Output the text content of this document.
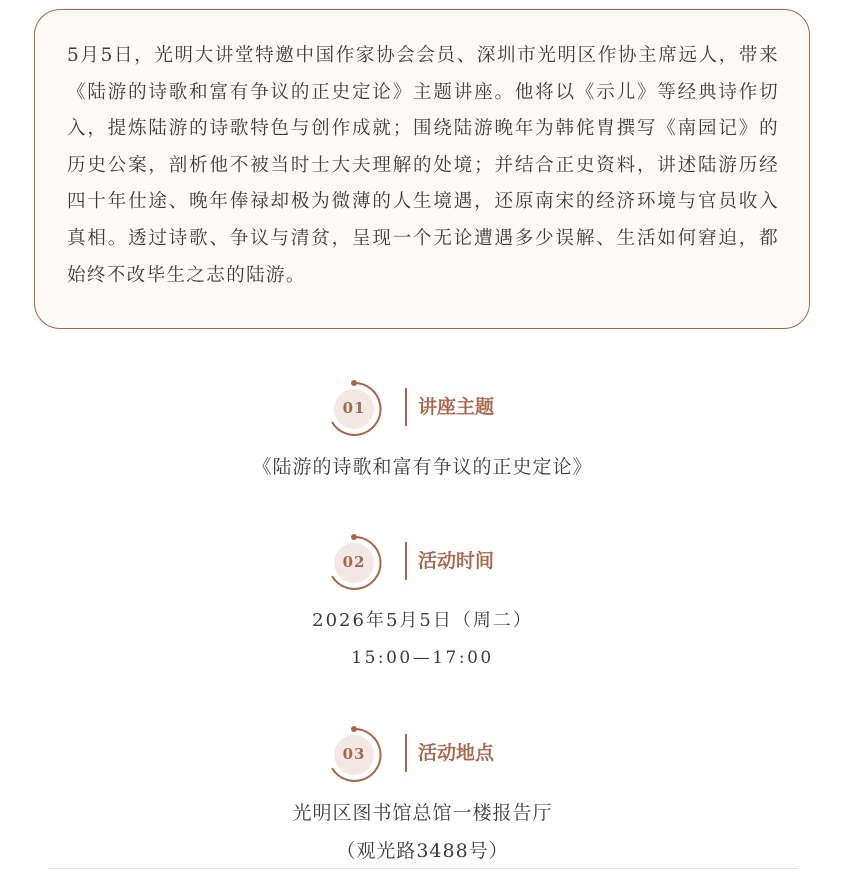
5月5日，光明大讲堂特邀中国作家协会会员、深圳市光明区作协主席远人，带来《陆游的诗歌和富有争议的正史定论》主题讲座。他将以《示儿》等经典诗作切入，提炼陆游的诗歌特色与创作成就；围绕陆游晚年为韩侂胄撰写《南园记》的历史公案，剖析他不被当时士大夫理解的处境；并结合正史资料，讲述陆游历经四十年仕途、晚年俸禄却极为微薄的人生境遇，还原南宋的经济环境与官员收入真相。透过诗歌、争议与清贫，呈现一个无论遭遇多少误解、生活如何窘迫，都始终不改毕生之志的陆游。

01	讲座主题
《陆游的诗歌和富有争议的正史定论》
02	活动时间
2026年5月5日（周二）
15:00—17:00
03	活动地点
光明区图书馆总馆一楼报告厅
（观光路3488号）
